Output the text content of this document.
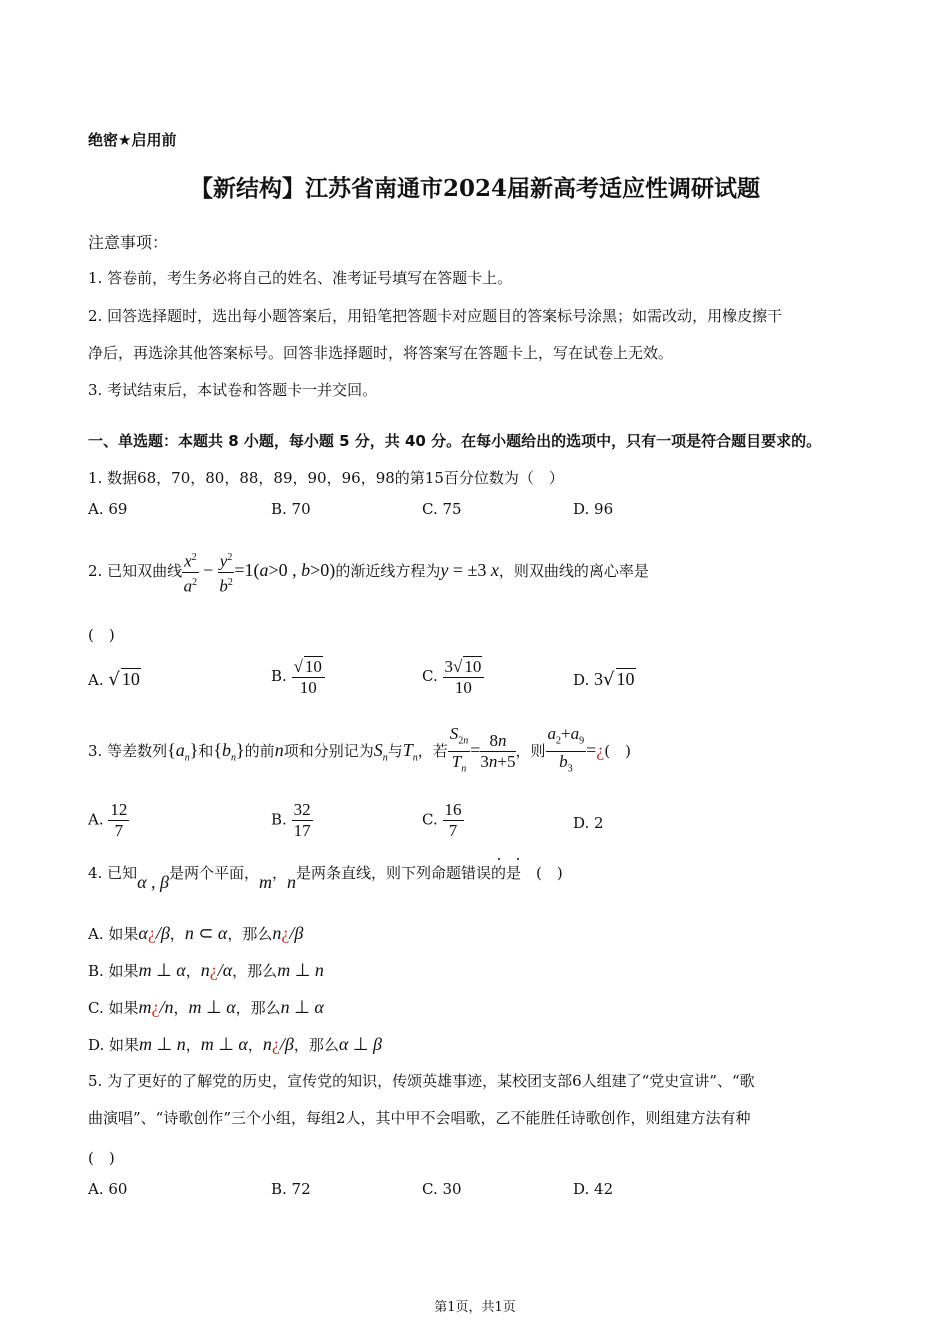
绝密★启用前
【新结构】江苏省南通市2024届新高考适应性调研试题
注意事项：
1. 答卷前，考生务必将自己的姓名、准考证号填写在答题卡上。
2. 回答选择题时，选出每小题答案后，用铅笔把答题卡对应题目的答案标号涂黑；如需改动，用橡皮擦干
净后，再选涂其他答案标号。回答非选择题时，将答案写在答题卡上，写在试卷上无效。
3. 考试结束后，本试卷和答题卡一并交回。
一、单选题：本题共 8 小题，每小题 5 分，共 40 分。在每小题给出的选项中，只有一项是符合题目要求的。
1. 数据68，70，80，88，89，90，96，98的第15百分位数为（　）
A. 69	B. 70	C. 75	D. 96
2. 已知双曲线 $\frac{x^2}{a^2} - \frac{y^2}{b^2} =1(a>0$ , b>0)的渐近线方程为y = ±3 x，则双曲线的离心率是
(　)
A. √ 10	B. $\frac{√ 10}{10}$	C. $\frac{3√ 10}{10}$	D. 3√ 10
3. 等差数列$\{a_n\}$和$\{b_n\}$的前n项和分别记为$S_n$与$T_n$，若 $\frac{S_{2n}}{T_n} = \frac{8n}{3n+5}$ ，则 $\frac{a_2+a_9}{b_3}$ =¿(　)
A. $\frac{12}{7}$	B. $\frac{32}{17}$	C. $\frac{16}{7}$	D. 2
4. 已知α , β是两个平面，m，n是两条直线，则下列命题错误的是　(　)
A. 如果α¿/β，n ⊂ α，那么n¿/β
B. 如果m ⊥ α，n¿/α，那么m ⊥ n
C. 如果m¿/n，m ⊥ α，那么n ⊥ α
D. 如果m ⊥ n，m ⊥ α，n¿/β，那么α ⊥ β
5. 为了更好的了解党的历史，宣传党的知识，传颂英雄事迹，某校团支部6人组建了“党史宣讲”、“歌
曲演唱”、“诗歌创作”三个小组，每组2人，其中甲不会唱歌，乙不能胜任诗歌创作，则组建方法有种
(　)
A. 60	B. 72	C. 30	D. 42
第1页，共1页
